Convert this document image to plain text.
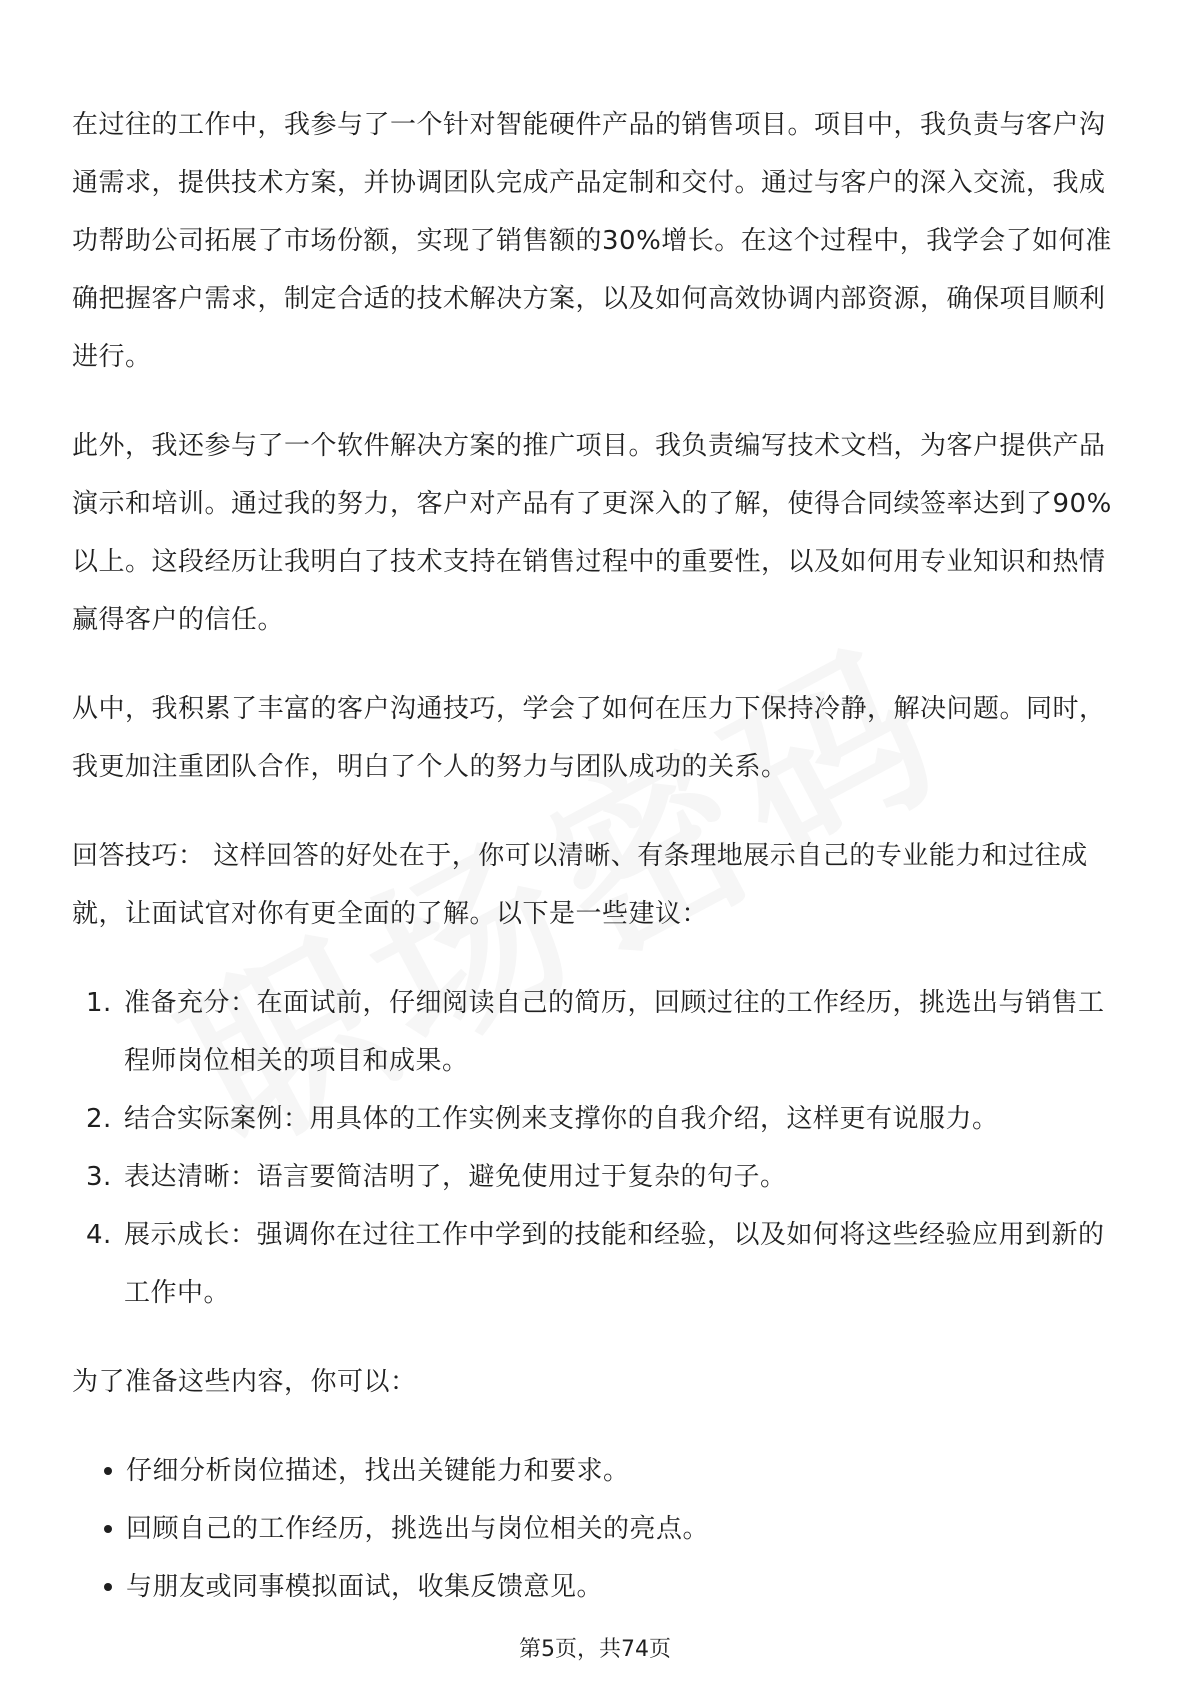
在过往的工作中，我参与了一个针对智能硬件产品的销售项目。项目中，我负责与客户沟通需求，提供技术方案，并协调团队完成产品定制和交付。通过与客户的深入交流，我成功帮助公司拓展了市场份额，实现了销售额的30%增长。在这个过程中，我学会了如何准确把握客户需求，制定合适的技术解决方案，以及如何高效协调内部资源，确保项目顺利进行。

此外，我还参与了一个软件解决方案的推广项目。我负责编写技术文档，为客户提供产品演示和培训。通过我的努力，客户对产品有了更深入的了解，使得合同续签率达到了90%以上。这段经历让我明白了技术支持在销售过程中的重要性，以及如何用专业知识和热情赢得客户的信任。

从中，我积累了丰富的客户沟通技巧，学会了如何在压力下保持冷静，解决问题。同时，我更加注重团队合作，明白了个人的努力与团队成功的关系。

回答技巧： 这样回答的好处在于，你可以清晰、有条理地展示自己的专业能力和过往成就，让面试官对你有更全面的了解。以下是一些建议：

1. 准备充分：在面试前，仔细阅读自己的简历，回顾过往的工作经历，挑选出与销售工程师岗位相关的项目和成果。
2. 结合实际案例：用具体的工作实例来支撑你的自我介绍，这样更有说服力。
3. 表达清晰：语言要简洁明了，避免使用过于复杂的句子。
4. 展示成长：强调你在过往工作中学到的技能和经验，以及如何将这些经验应用到新的工作中。

为了准备这些内容，你可以：

仔细分析岗位描述，找出关键能力和要求。
回顾自己的工作经历，挑选出与岗位相关的亮点。
与朋友或同事模拟面试，收集反馈意见。
第5页，共74页
